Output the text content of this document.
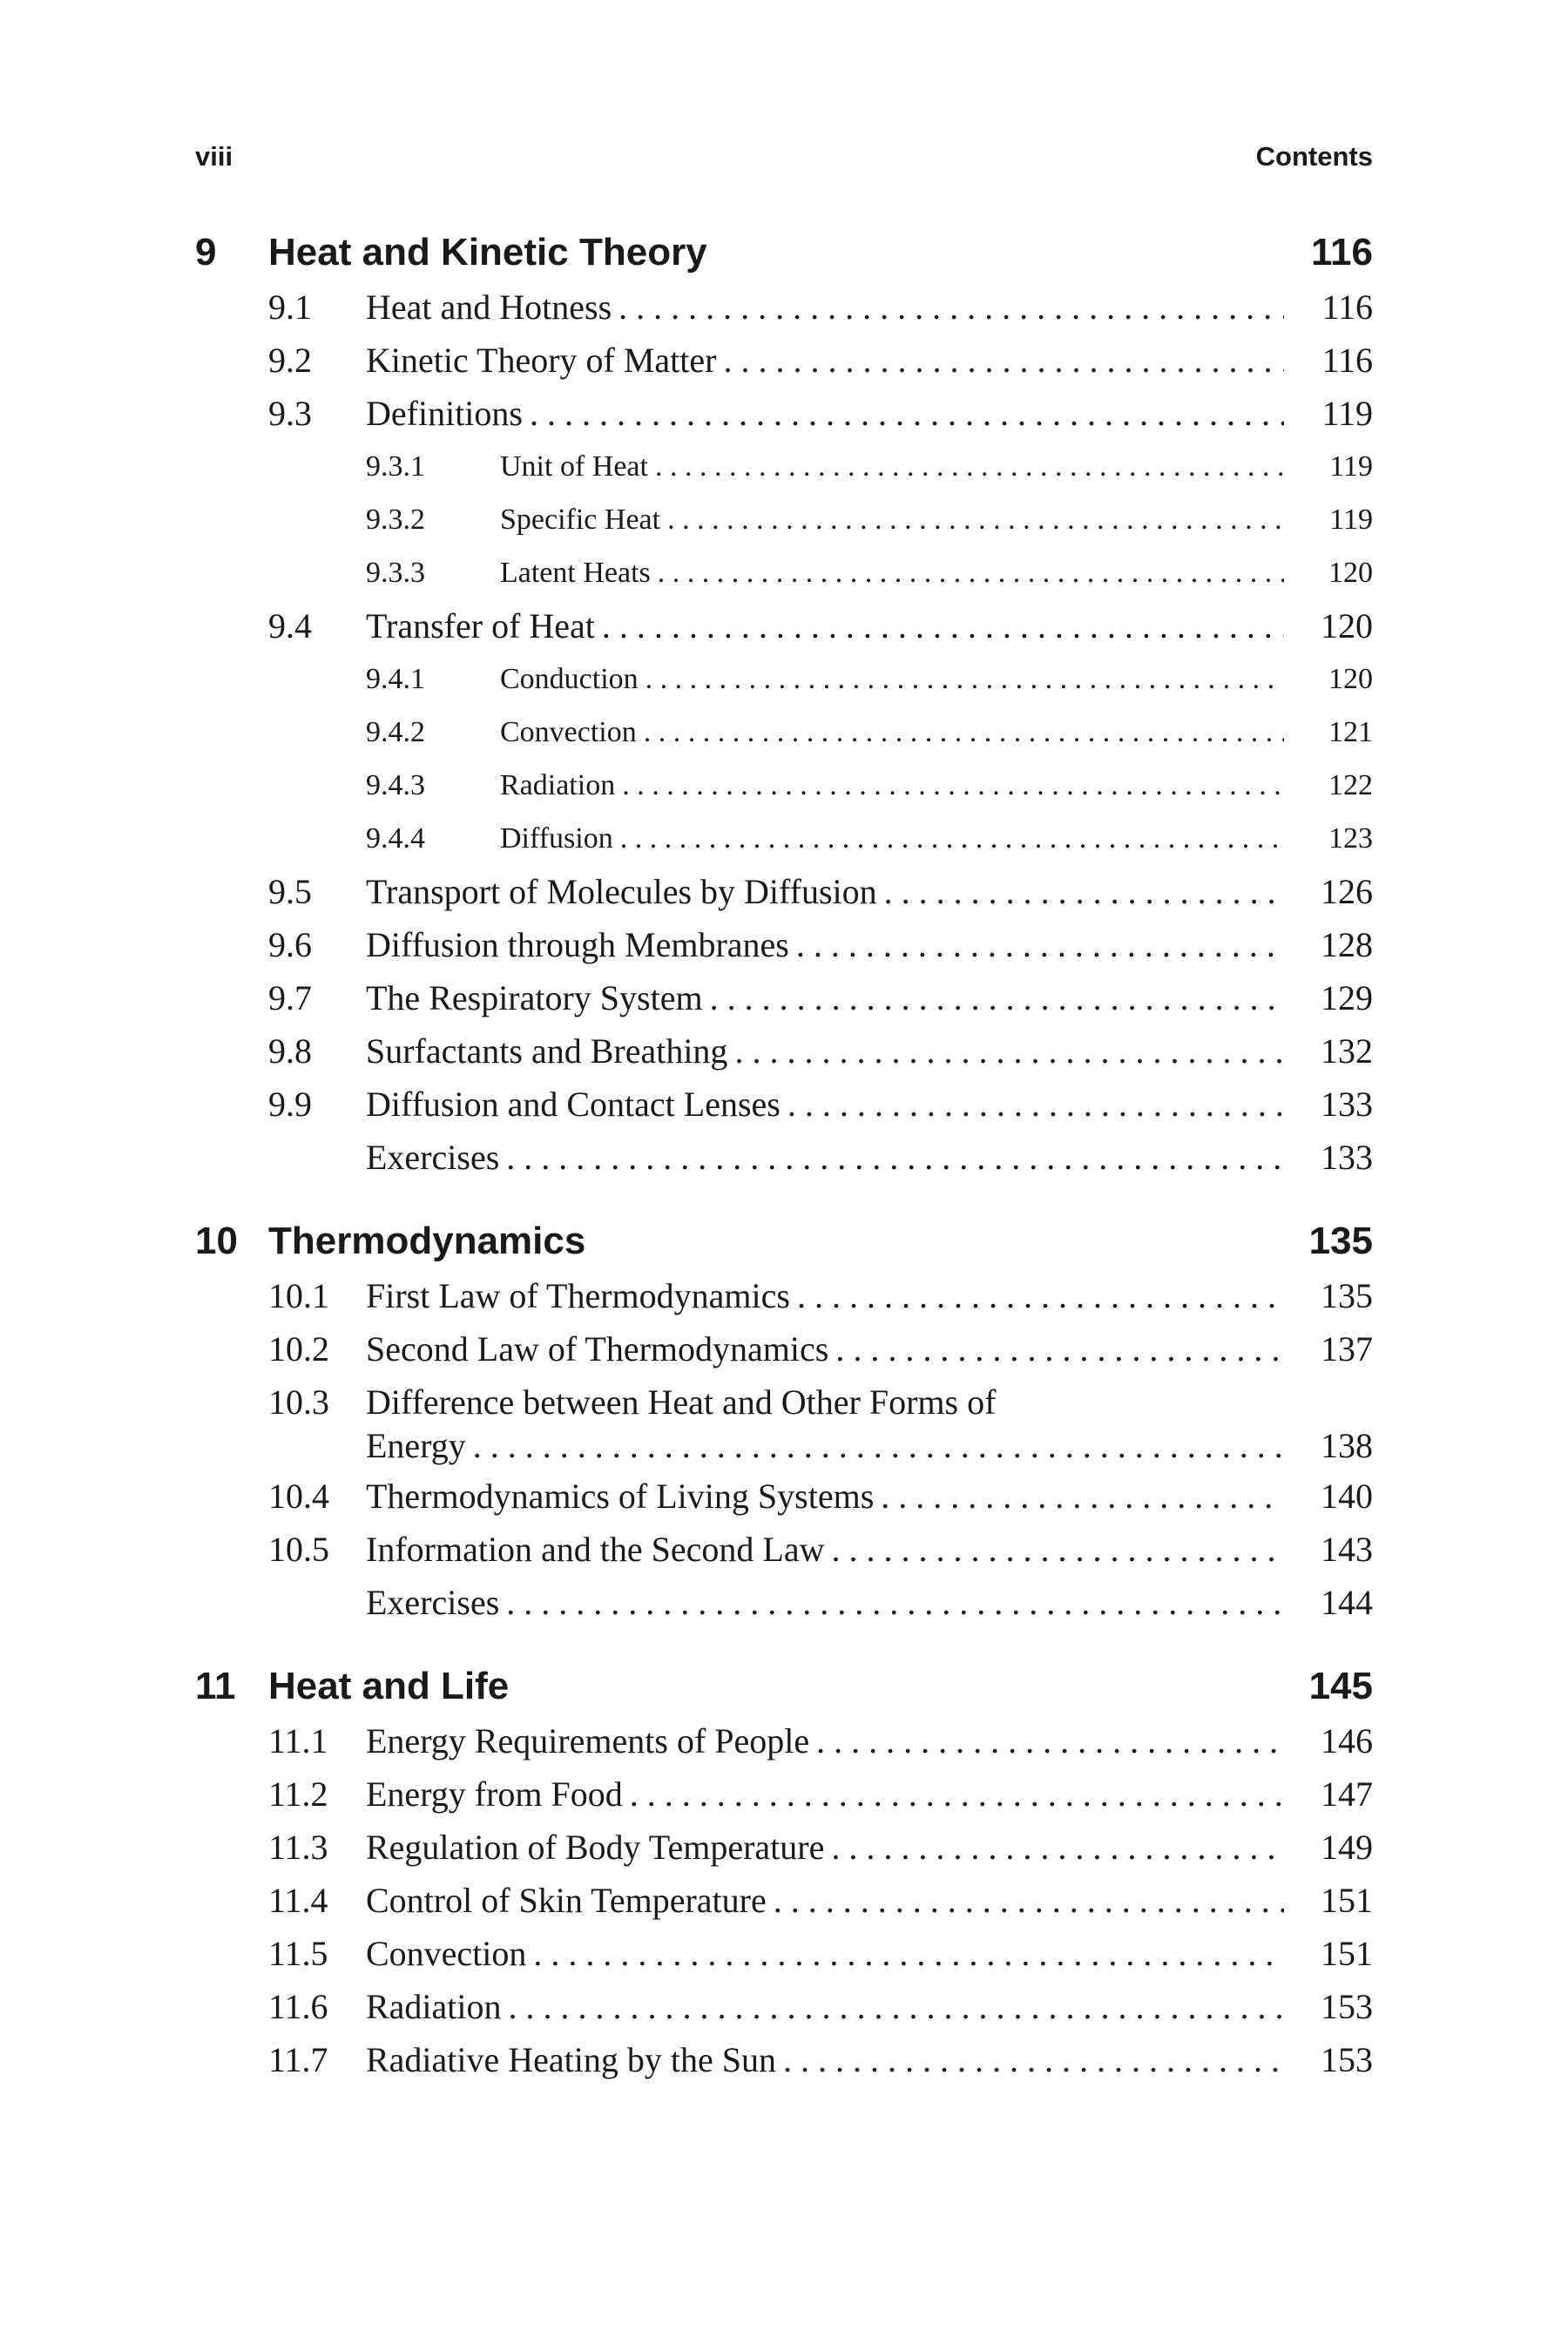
viii	Contents
9 Heat and Kinetic Theory	116
9.1 Heat and Hotness . . .	116
9.2 Kinetic Theory of Matter . . .	116
9.3 Definitions . . .	119
9.3.1	Unit of Heat . . .	119
9.3.2	Specific Heat . . .	119
9.3.3	Latent Heats . . .	120
9.4 Transfer of Heat . . .	120
9.4.1	Conduction . . .	120
9.4.2	Convection . . .	121
9.4.3	Radiation . . .	122
9.4.4	Diffusion . . .	123
9.5 Transport of Molecules by Diffusion . . .	126
9.6 Diffusion through Membranes . . .	128
9.7 The Respiratory System . . .	129
9.8 Surfactants and Breathing . . .	132
9.9 Diffusion and Contact Lenses . . .	133
Exercises . . .	133
10 Thermodynamics	135
10.1 First Law of Thermodynamics . . .	135
10.2 Second Law of Thermodynamics . . .	137
10.3 Difference between Heat and Other Forms of
Energy . . .	138
10.4 Thermodynamics of Living Systems . . .	140
10.5 Information and the Second Law . . .	143
Exercises . . .	144
11 Heat and Life	145
11.1 Energy Requirements of People . . .	146
11.2 Energy from Food . . .	147
11.3 Regulation of Body Temperature . . .	149
11.4 Control of Skin Temperature . . .	151
11.5 Convection . . .	151
11.6 Radiation . . .	153
11.7 Radiative Heating by the Sun . . .	153
